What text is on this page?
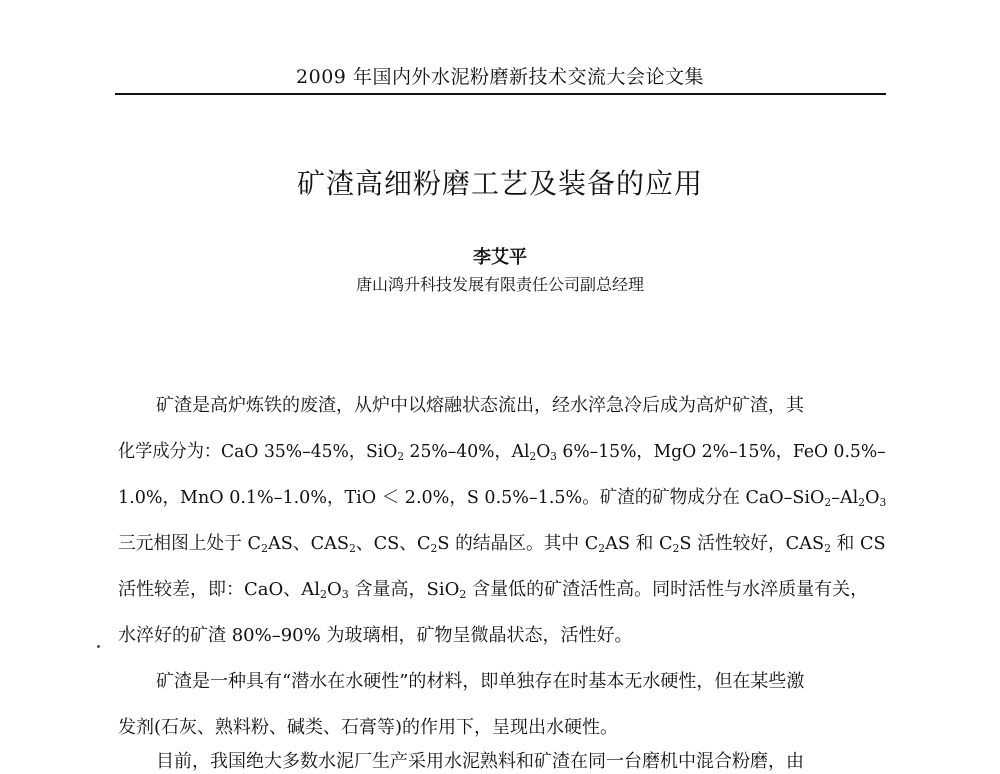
2009 年国内外水泥粉磨新技术交流大会论文集
矿渣高细粉磨工艺及装备的应用
李艾平
唐山鸿升科技发展有限责任公司副总经理
矿渣是高炉炼铁的废渣，从炉中以熔融状态流出，经水淬急冷后成为高炉矿渣，其
化学成分为：CaO 35%–45%，SiO$_2$ 25%–40%，$Al_2O_3$ 6%–15%，MgO 2%–15%，FeO 0.5%–
1.0%，MnO 0.1%–1.0%，TiO ＜ 2.0%，S 0.5%–1.5%。矿渣的矿物成分在 CaO–$SiO_2-Al_2O_3$
三元相图上处于 $C_2AS$、$CAS_2$、CS、$C_2S$ 的结晶区。其中 $C_2AS$ 和 $C_2S$ 活性较好，$CAS_2$ 和 CS
活性较差，即：CaO、$Al_2O_3$ 含量高，SiO$_2$ 含量低的矿渣活性高。同时活性与水淬质量有关，
水淬好的矿渣 80%–90% 为玻璃相，矿物呈微晶状态，活性好。
矿渣是一种具有“潜水在水硬性”的材料，即单独存在时基本无水硬性，但在某些激
发剂(石灰、熟料粉、碱类、石膏等)的作用下，呈现出水硬性。
目前，我国绝大多数水泥厂生产采用水泥熟料和矿渣在同一台磨机中混合粉磨，由
